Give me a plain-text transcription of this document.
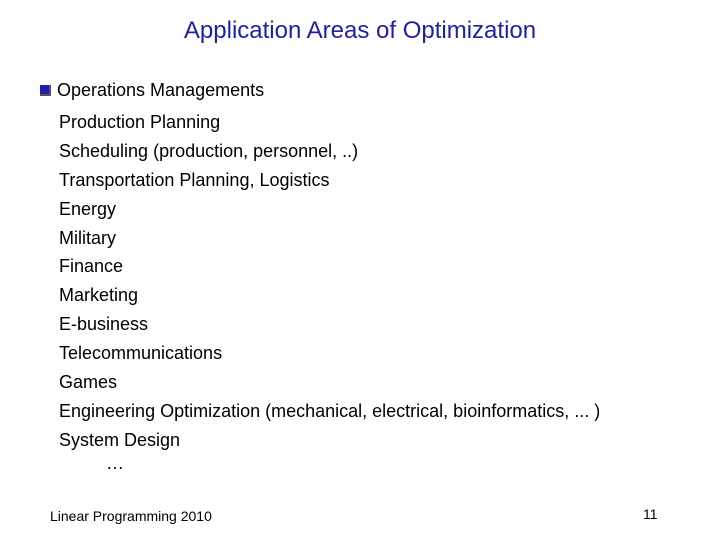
Application Areas of Optimization
Operations Managements
Production Planning
Scheduling (production, personnel, ..)
Transportation Planning, Logistics
Energy
Military
Finance
Marketing
E-business
Telecommunications
Games
Engineering Optimization (mechanical, electrical, bioinformatics, ... )
System Design
…
Linear Programming 2010	11
